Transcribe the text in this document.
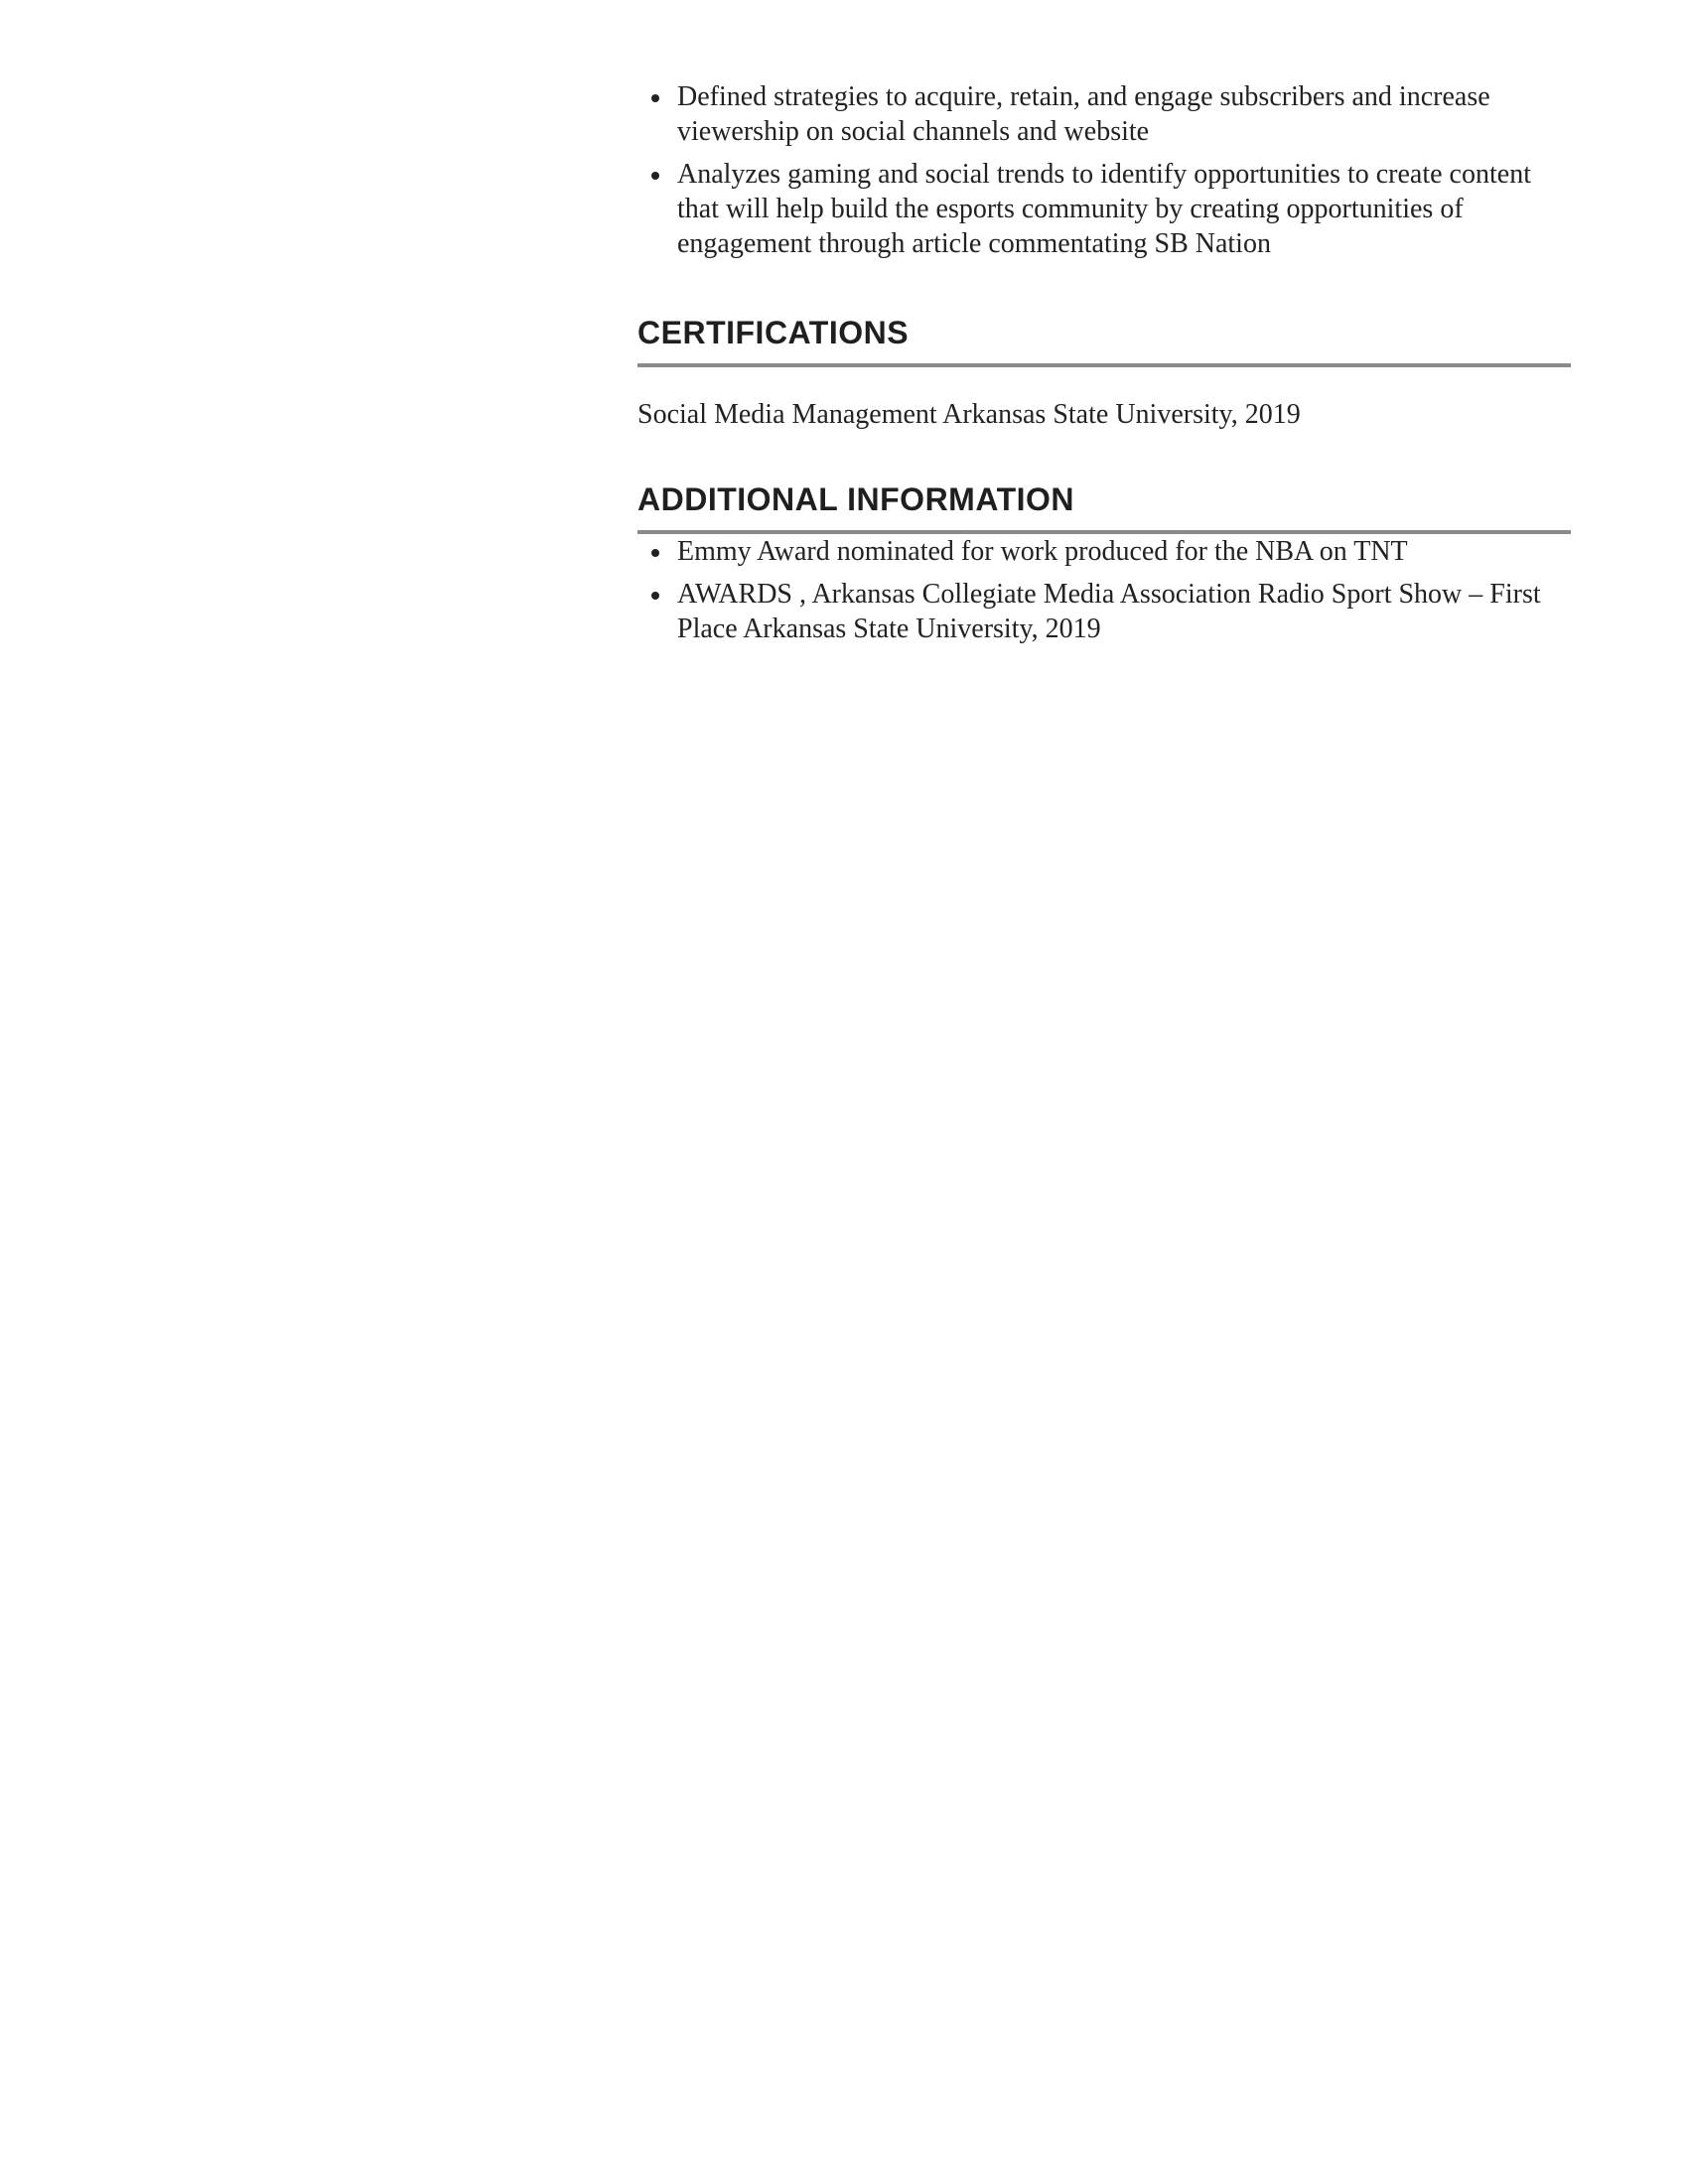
Defined strategies to acquire, retain, and engage subscribers and increase viewership on social channels and website
Analyzes gaming and social trends to identify opportunities to create content that will help build the esports community by creating opportunities of engagement through article commentating SB Nation
CERTIFICATIONS
Social Media Management Arkansas State University, 2019
ADDITIONAL INFORMATION
Emmy Award nominated for work produced for the NBA on TNT
AWARDS , Arkansas Collegiate Media Association Radio Sport Show – First Place Arkansas State University, 2019
